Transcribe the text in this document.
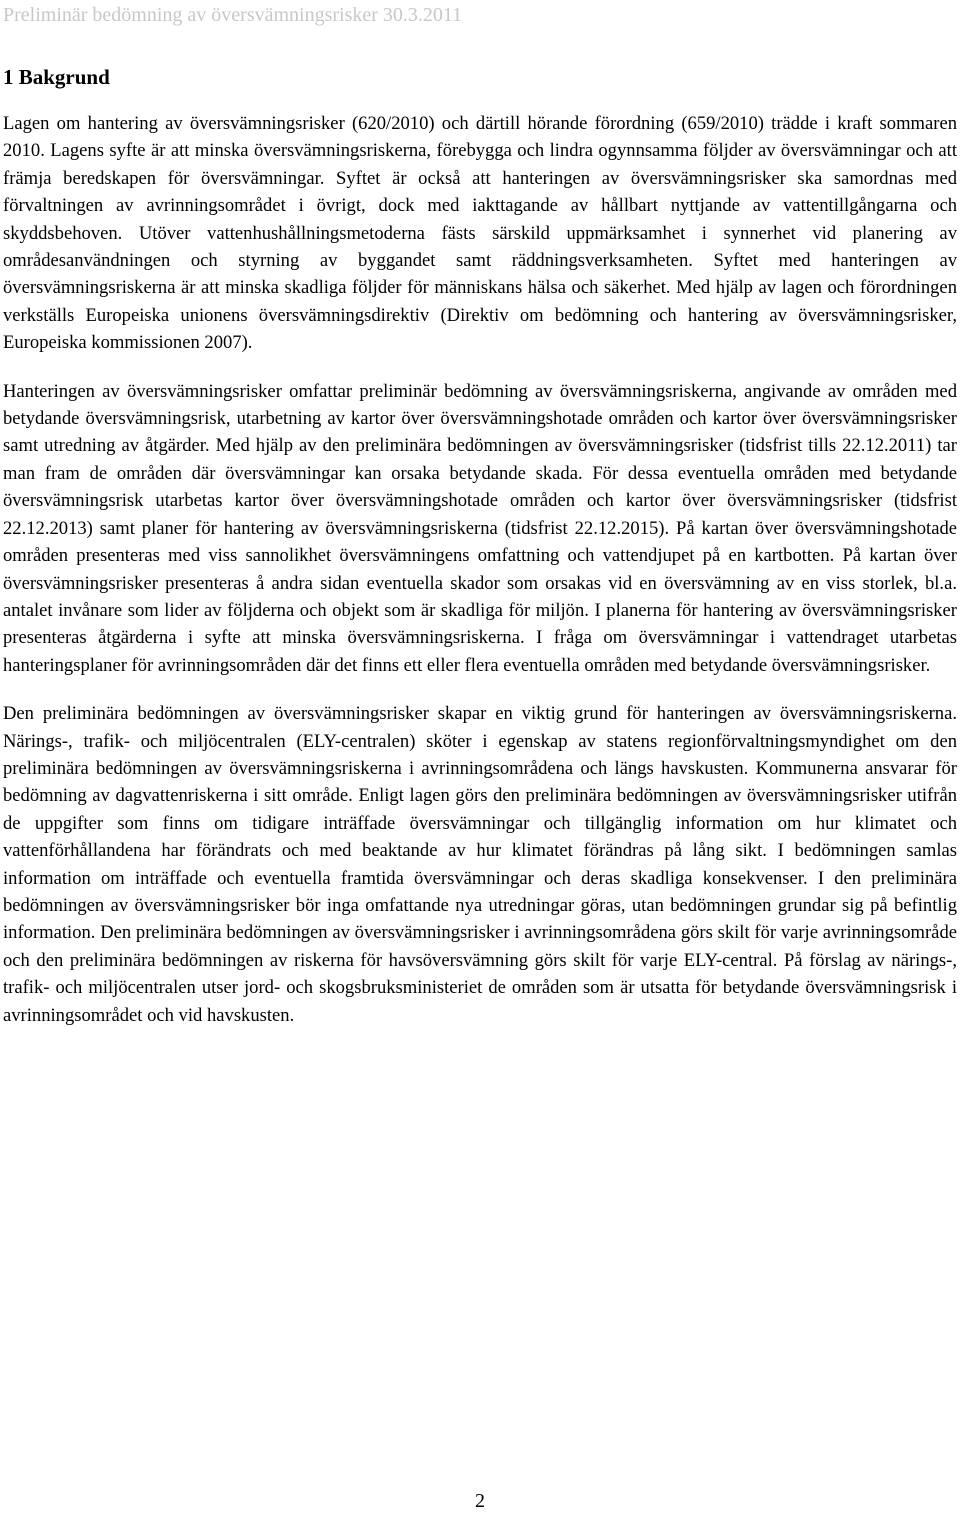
Preliminär bedömning av översvämningsrisker 30.3.2011
1 Bakgrund

Lagen om hantering av översvämningsrisker (620/2010) och därtill hörande förordning (659/2010) trädde i kraft sommaren 2010. Lagens syfte är att minska översvämningsriskerna, förebygga och lindra ogynnsamma följder av översvämningar och att främja beredskapen för översvämningar. Syftet är också att hanteringen av översvämningsrisker ska samordnas med förvaltningen av avrinningsområdet i övrigt, dock med iakttagande av hållbart nyttjande av vattentillgångarna och skyddsbehoven. Utöver vattenhushållningsmetoderna fästs särskild uppmärksamhet i synnerhet vid planering av områdesanvändningen och styrning av byggandet samt räddningsverksamheten. Syftet med hanteringen av översvämningsriskerna är att minska skadliga följder för människans hälsa och säkerhet. Med hjälp av lagen och förordningen verkställs Europeiska unionens översvämningsdirektiv (Direktiv om bedömning och hantering av översvämningsrisker, Europeiska kommissionen 2007).

Hanteringen av översvämningsrisker omfattar preliminär bedömning av översvämningsriskerna, angivande av områden med betydande översvämningsrisk, utarbetning av kartor över översvämningshotade områden och kartor över översvämningsrisker samt utredning av åtgärder. Med hjälp av den preliminära bedömningen av översvämningsrisker (tidsfrist tills 22.12.2011) tar man fram de områden där översvämningar kan orsaka betydande skada. För dessa eventuella områden med betydande översvämningsrisk utarbetas kartor över översvämningshotade områden och kartor över översvämningsrisker (tidsfrist 22.12.2013) samt planer för hantering av översvämningsriskerna (tidsfrist 22.12.2015). På kartan över översvämningshotade områden presenteras med viss sannolikhet översvämningens omfattning och vattendjupet på en kartbotten. På kartan över översvämningsrisker presenteras å andra sidan eventuella skador som orsakas vid en översvämning av en viss storlek, bl.a. antalet invånare som lider av följderna och objekt som är skadliga för miljön. I planerna för hantering av översvämningsrisker presenteras åtgärderna i syfte att minska översvämningsriskerna. I fråga om översvämningar i vattendraget utarbetas hanteringsplaner för avrinningsområden där det finns ett eller flera eventuella områden med betydande översvämningsrisker.

Den preliminära bedömningen av översvämningsrisker skapar en viktig grund för hanteringen av översvämningsriskerna. Närings-, trafik- och miljöcentralen (ELY-centralen) sköter i egenskap av statens regionförvaltningsmyndighet om den preliminära bedömningen av översvämningsriskerna i avrinningsområdena och längs havskusten. Kommunerna ansvarar för bedömning av dagvattenriskerna i sitt område. Enligt lagen görs den preliminära bedömningen av översvämningsrisker utifrån de uppgifter som finns om tidigare inträffade översvämningar och tillgänglig information om hur klimatet och vattenförhållandena har förändrats och med beaktande av hur klimatet förändras på lång sikt. I bedömningen samlas information om inträffade och eventuella framtida översvämningar och deras skadliga konsekvenser. I den preliminära bedömningen av översvämningsrisker bör inga omfattande nya utredningar göras, utan bedömningen grundar sig på befintlig information. Den preliminära bedömningen av översvämningsrisker i avrinningsområdena görs skilt för varje avrinningsområde och den preliminära bedömningen av riskerna för havsöversvämning görs skilt för varje ELY-central. På förslag av närings-, trafik- och miljöcentralen utser jord- och skogsbruksministeriet de områden som är utsatta för betydande översvämningsrisk i avrinningsområdet och vid havskusten.

2
